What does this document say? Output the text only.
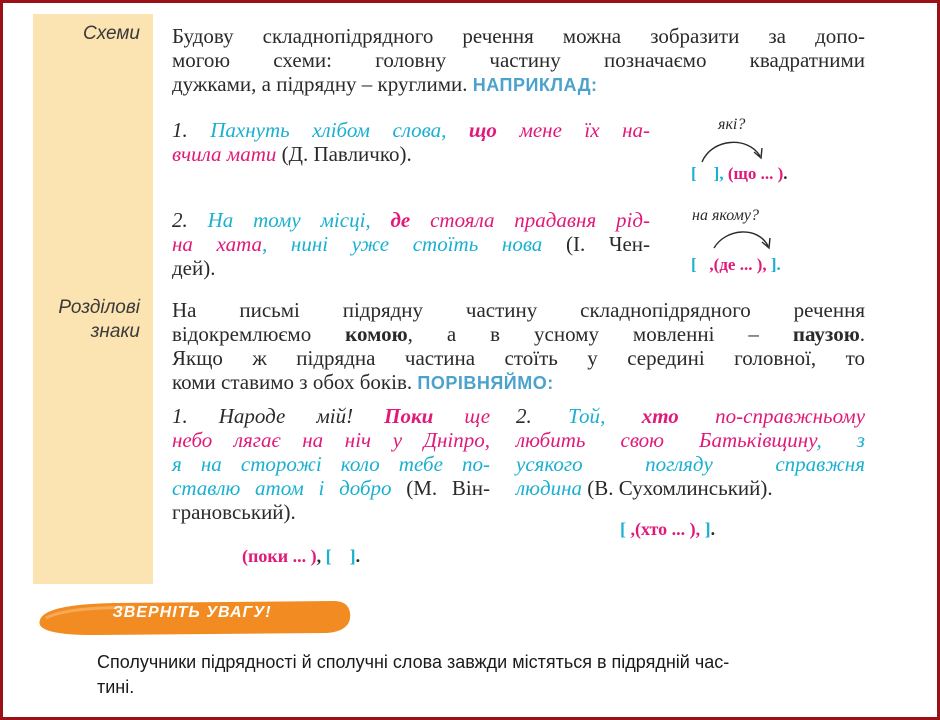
Схеми
Розділові
знаки
Будову складнопідрядного речення можна зобразити за допо-
могою схеми: головну частину позначаємо квадратними
дужками, а підрядну – круглими. НАПРИКЛАД:
1. Пахнуть хлібом слова, що мене їх на-
вчила мати (Д. Павличко).
які?
[ ], (що ... ).
2. На тому місці, де стояла прадавня рід-
на хата, нині уже стоїть нова (І. Чен-
дей).
на якому?
[ ,(де ... ), ].
На письмі підрядну частину складнопідрядного речення
відокремлюємо комою, а в усному мовленні – паузою.
Якщо ж підрядна частина стоїть у середині головної, то
коми ставимо з обох боків. ПОРІВНЯЙМО:
1. Народе мій! Поки ще
небо лягає на ніч у Дніпро,
я на сторожі коло тебе по-
ставлю атом і добро (М. Він-
грановський).
(поки ... ), [ ].
2. Той, хто по-справжньому
любить свою Батьківщину, з
усякого поглядy справжня
людина (В. Сухомлинський).
[ ,(хто ... ), ].
ЗВЕРНІТЬ УВАГУ!
Сполучники підрядності й сполучні слова завжди містяться в підрядній час-
тині.
